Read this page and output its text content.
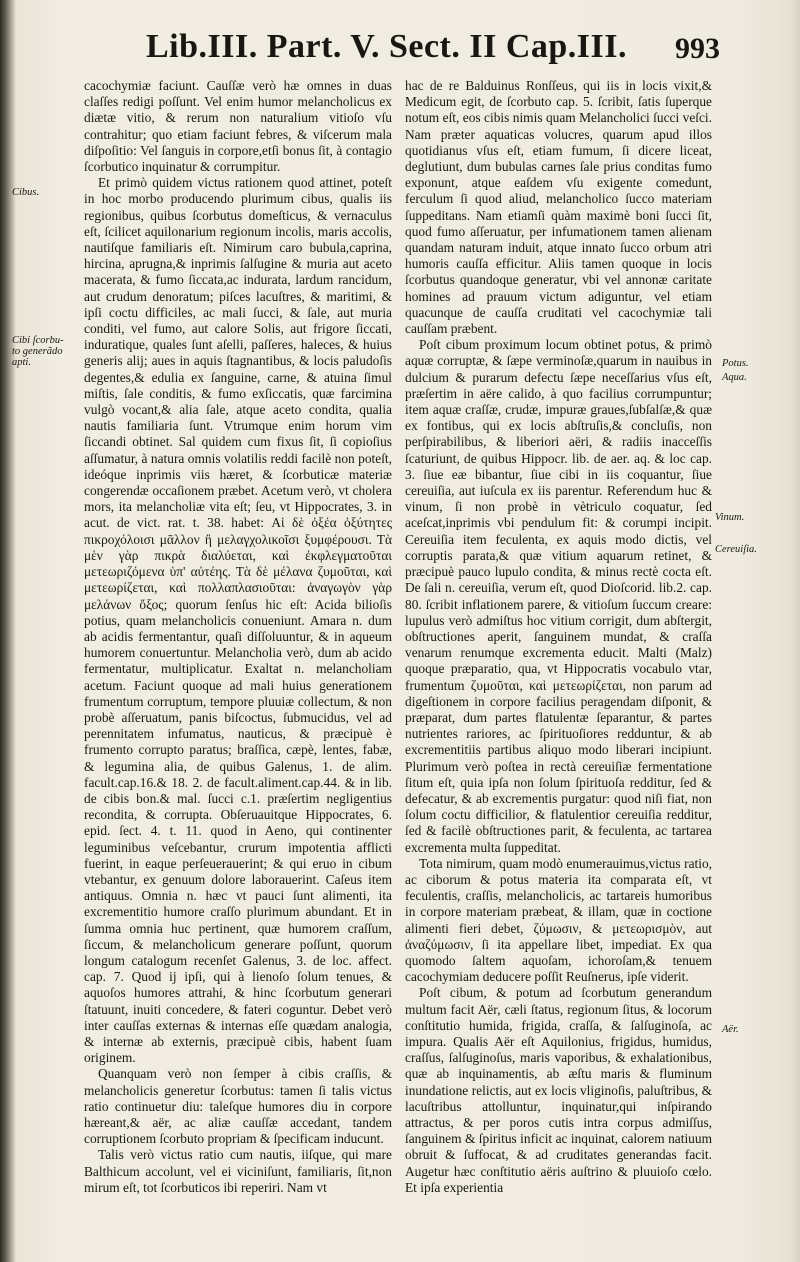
Lib.III. Part. V. Sect. II Cap.III. 993
Cibus.
Cibi ſcorbu-to generãdo apti.	Potus.
Aqua.
Vinum.
Cereuiſia.
Aër.

cacochymiæ faciunt. Cauſſæ verò hæ omnes in duas claſſes redigi poſſunt. Vel enim humor melancholicus ex diætæ vitio, & rerum non naturalium vitioſo vſu contrahitur; quo etiam faciunt febres, & viſcerum mala diſpoſitio: Vel ſanguis in corpore,etſi bonus ſit, à contagio ſcorbutico inquinatur & corrumpitur.

Et primò quidem victus rationem quod attinet, poteſt in hoc morbo producendo plurimum cibus, qualis iis regionibus, quibus ſcorbutus domeſticus, & vernaculus eſt, ſcilicet aquilonarium regionum incolis, maris accolis, nautiſque familiaris eſt. Nimirum caro bubula,caprina, hircina, aprugna,& inprimis ſalſugine & muria aut aceto macerata, & fumo ſiccata,ac indurata, lardum rancidum, aut crudum denoratum; piſces lacuſtres, & maritimi, & ipſi coctu difficiles, ac mali ſucci, & ſale, aut muria conditi, vel fumo, aut calore Solis, aut frigore ſiccati, induratique, quales ſunt aſelli, paſſeres, haleces, & huius generis alij; aues in aquis ſtagnantibus, & locis paludoſis degentes,& edulia ex ſanguine, carne, & atuina ſimul miſtis, ſale conditis, & fumo exſiccatis, quæ farcimina vulgò vocant,& alia ſale, atque aceto condita, qualia nautis familiaria ſunt. Vtrumque enim horum vim ſiccandi obtinet. Sal quidem cum fixus ſit, ſi copioſius aſſumatur, à natura omnis volatilis reddi facilè non poteſt, ideóque inprimis viis hæret, & ſcorbuticæ materiæ congerendæ occaſionem præbet. Acetum verò, vt cholera mors, ita melancholiæ vita eſt; ſeu, vt Hippocrates, 3. in acut. de vict. rat. t. 38. habet: Αἱ δὲ ὀξέα ὀξύτητες πικροχόλοισι μᾶλλον ἢ μελαγχολικοῖσι ξυμφέρουσι. Τὰ μὲν γὰρ πικρὰ διαλύεται, καὶ ἐκφλεγματοῦται μετεωριζόμενα ὑπ' αὐτέης. Τὰ δὲ μέλανα ζυμοῦται, καὶ μετεωρίζεται, καὶ πολλαπλασιοῦται: ἀναγωγὸν γὰρ μελάνων ὄξος; quorum ſenſus hic eſt: Acida bilioſis potius, quam melancholicis conueniunt. Amara n. dum ab acidis fermentantur, quaſi diſſoluuntur, & in aqueum humorem conuertuntur. Melancholia verò, dum ab acido fermentatur, multiplicatur. Exaltat n. melancholiam acetum. Faciunt quoque ad mali huius generationem frumentum corruptum, tempore pluuiæ collectum, & non probè aſſeruatum, panis biſcoctus, ſubmucidus, vel ad perennitatem infumatus, nauticus, & præcipuè è frumento corrupto paratus; braſſica, cæpè, lentes, fabæ, & legumina alia, de quibus Galenus, 1. de alim. facult.cap.16.& 18. 2. de facult.aliment.cap.44. & in lib. de cibis bon.& mal. ſucci c.1. præſertim negligentius recondita, & corrupta. Obſeruauitque Hippocrates, 6. epid. ſect. 4. t. 11. quod in Aeno, qui continenter leguminibus veſcebantur, crurum impotentia afflicti fuerint, in eaque perſeuerauerint; & qui eruo in cibum vtebantur, ex genuum dolore laborauerint. Caſeus item antiquus. Omnia n. hæc vt pauci ſunt alimenti, ita excrementitio humore craſſo plurimum abundant. Et in ſumma omnia huc pertinent, quæ humorem craſſum, ſiccum, & melancholicum generare poſſunt, quorum longum catalogum recenſet Galenus, 3. de loc. affect. cap. 7. Quod ij ipſi, qui à lienoſo ſolum tenues, & aquoſos humores attrahi, & hinc ſcorbutum generari ſtatuunt, inuiti concedere, & fateri coguntur. Debet verò inter cauſſas externas & internas eſſe quædam analogia, & internæ ab externis, præcipuè cibis, habent ſuam originem.

Quanquam verò non ſemper à cibis craſſis, & melancholicis generetur ſcorbutus: tamen ſi talis victus ratio continuetur diu: taleſque humores diu in corpore hæreant,& aër, ac aliæ cauſſæ accedant, tandem corruptionem ſcorbuto propriam & ſpecificam inducunt.

Talis verò victus ratio cum nautis, iiſque, qui mare Balthicum accolunt, vel ei viciniſunt, familiaris, ſit,non mirum eſt, tot ſcorbuticos ibi reperiri. Nam vt

hac de re Balduinus Ronſſeus, qui iis in locis vixit,& Medicum egit, de ſcorbuto cap. 5. ſcribit, ſatis ſuperque notum eſt, eos cibis nimis quam Melancholici ſucci veſci. Nam præter aquaticas volucres, quarum apud illos quotidianus vſus eſt, etiam fumum, ſi dicere liceat, deglutiunt, dum bubulas carnes ſale prius conditas fumo exponunt, atque eaſdem vſu exigente comedunt, ferculum ſi quod aliud, melancholico ſucco materiam ſuppeditans. Nam etiamſi quàm maximè boni ſucci ſit, quod fumo aſſeruatur, per infumationem tamen alienam quandam naturam induit, atque innato ſucco orbum atri humoris cauſſa efficitur. Aliis tamen quoque in locis ſcorbutus quandoque generatur, vbi vel annonæ caritate homines ad prauum victum adiguntur, vel etiam quacunque de cauſſa cruditati vel cacochymiæ tali cauſſam præbent.

Poſt cibum proximum locum obtinet potus, & primò aquæ corruptæ, & ſæpe verminoſæ,quarum in nauibus in dulcium & purarum defectu ſæpe neceſſarius vſus eſt, præſertim in aëre calido, à quo facilius corrumpuntur; item aquæ craſſæ, crudæ, impuræ graues,ſubſalſæ,& quæ ex fontibus, qui ex locis abſtruſis,& concluſis, non perſpirabilibus, & liberiori aëri, & radiis inacceſſis ſcaturiunt, de quibus Hippocr. lib. de aer. aq. & loc cap. 3. ſiue eæ bibantur, ſiue cibi in iis coquantur, ſiue cereuiſia, aut iuſcula ex iis parentur. Referendum huc & vinum, ſi non probè in vètriculo coquatur, ſed aceſcat,inprimis vbi pendulum fit: & corumpi incipit. Cereuiſia item feculenta, ex aquis modo dictis, vel corruptis parata,& quæ vitium aquarum retinet, & præcipuè pauco lupulo condita, & minus rectè cocta eſt. De ſali n. cereuiſia, verum eſt, quod Dioſcorid. lib.2. cap. 80. ſcribit inflationem parere, & vitioſum ſuccum creare: lupulus verò admiſtus hoc vitium corrigit, dum abſtergit, obſtructiones aperit, ſanguinem mundat, & craſſa venarum renumque excrementa educit. Malti (Malz) quoque præparatio, qua, vt Hippocratis vocabulo vtar, frumentum ζυμοῦται, καὶ μετεωρίζεται, non parum ad digeſtionem in corpore facilius peragendam diſponit, & præparat, dum partes flatulentæ ſeparantur, & partes nutrientes rariores, ac ſpirituoſiores redduntur, & ab excrementitiis partibus aliquo modo liberari incipiunt. Plurimum verò poſtea in rectà cereuiſiæ fermentatione ſitum eſt, quia ipſa non ſolum ſpirituoſa redditur, ſed & defecatur, & ab excrementis purgatur: quod niſi fiat, non ſolum coctu difficilior, & flatulentior cereuiſia redditur, ſed & facilè obſtructiones parit, & feculenta, ac tartarea excrementa multa ſuppeditat.

Tota nimirum, quam modò enumerauimus,victus ratio, ac ciborum & potus materia ita comparata eſt, vt feculentis, craſſis, melancholicis, ac tartareis humoribus in corpore materiam præbeat, & illam, quæ in coctione alimenti fieri debet, ζύμωσιν, & μετεωρισμὸν, aut ἀναζύμωσιν, ſi ita appellare libet, impediat. Ex qua quomodo ſaltem aquoſam, ichoroſam,& tenuem cacochymiam deducere poſſit Reuſnerus, ipſe viderit.

Poſt cibum, & potum ad ſcorbutum generandum multum facit Aër, cæli ſtatus, regionum ſitus, & locorum conſtitutio humida, frigida, craſſa, & ſalſuginoſa, ac impura. Qualis Aër eſt Aquilonius, frigidus, humidus, craſſus, ſalſuginoſus, maris vaporibus, & exhalationibus, quæ ab inquinamentis, ab æſtu maris & fluminum inundatione relictis, aut ex locis vliginoſis, paluſtribus, & lacuſtribus attolluntur, inquinatur,qui inſpirando attractus, & per poros cutis intra corpus admiſſus, ſanguinem & ſpiritus inficit ac inquinat, calorem natiuum obruit & ſuffocat, & ad cruditates generandas facit. Augetur hæc conſtitutio aëris auſtrino & pluuioſo cœlo. Et ipſa experientia
